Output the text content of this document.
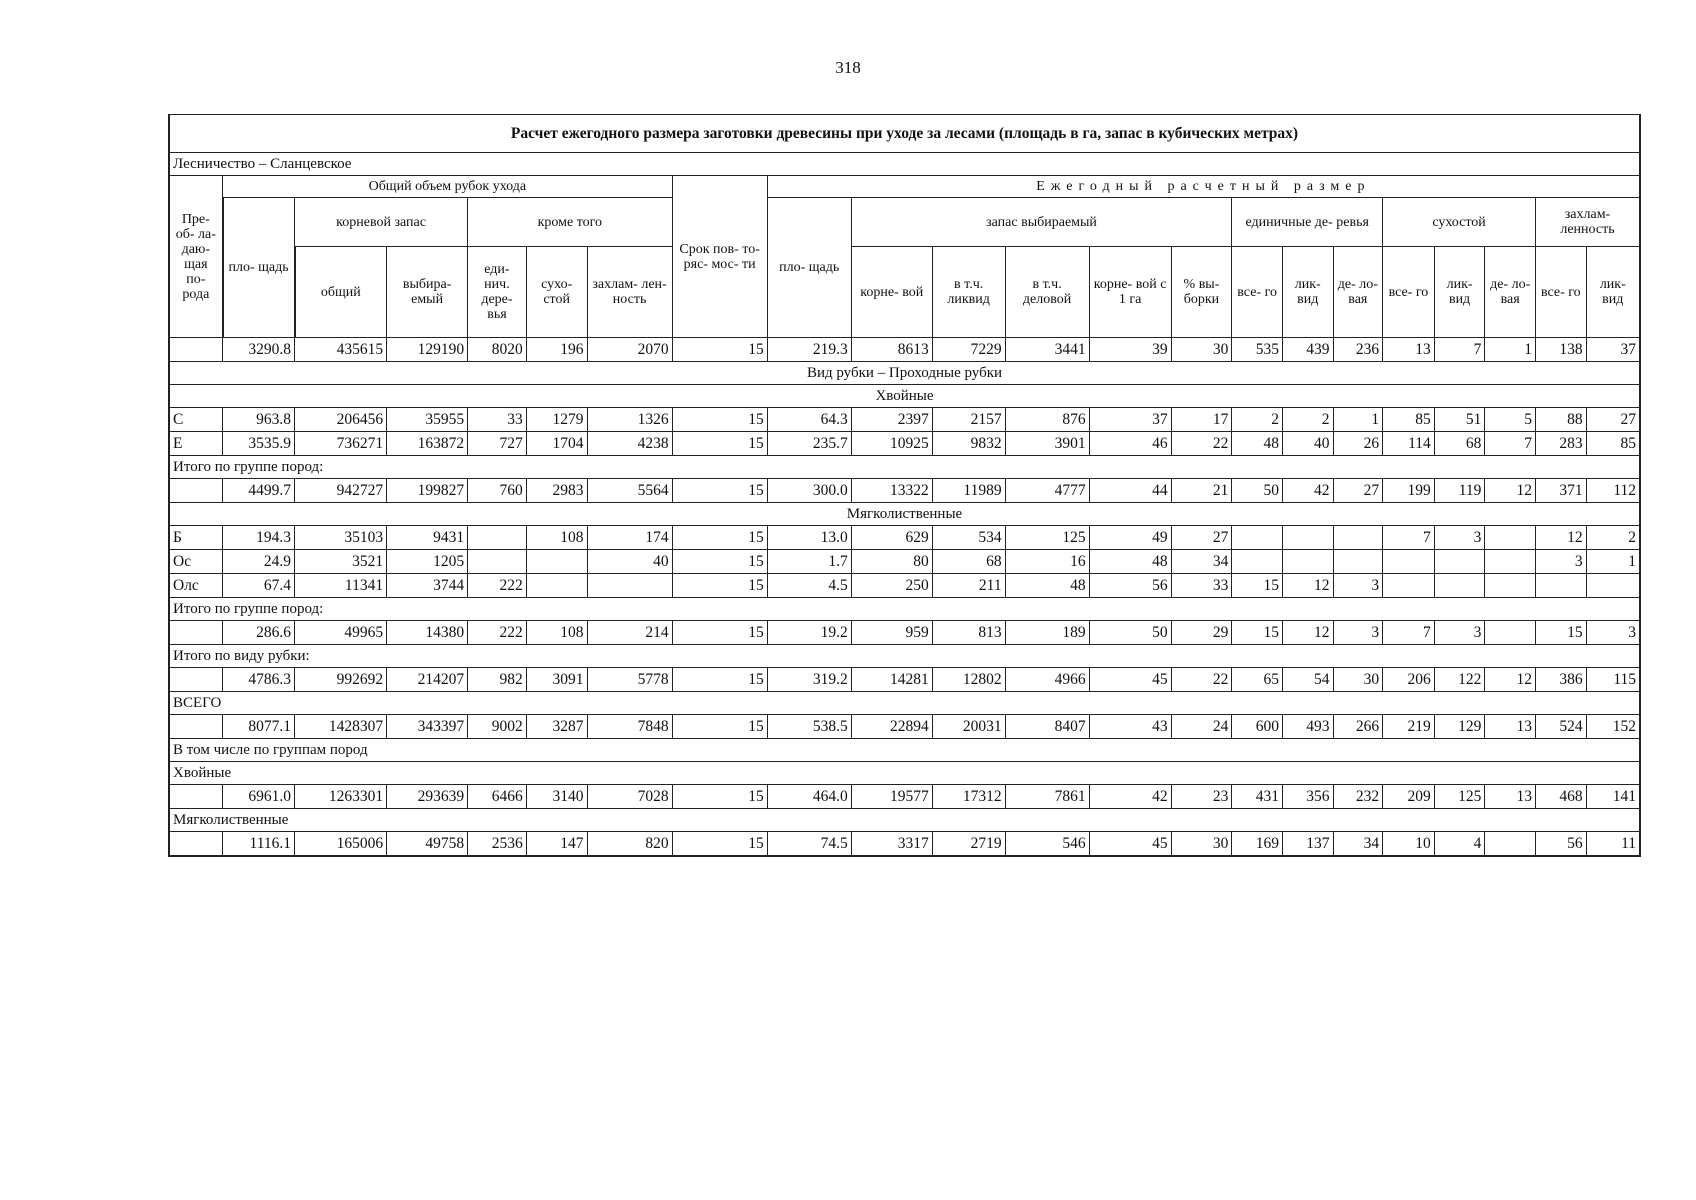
318
Расчет ежегодного размера заготовки древесины при уходе за лесами (площадь в га, запас в кубических метрах)																					
Лесничество – Сланцевское																					
Пре- об- ла- даю- щая по- рода	Общий объем рубок ухода						Срок пов- то- ряс- мос- ти	Ежегодный расчетный размер													
	пло- щадь	корневой запас		кроме того				пло- щадь	запас выбираемый					единичные де- ревья			сухостой			захлам- ленность	
		общий	выбира- емый	еди- нич. дере- вья	сухо- стой	захлам- лен- ность			корне- вой	в т.ч. ликвид	в т.ч. деловой	корне- вой с 1 га	% вы- борки	все- го	лик- вид	де- ло- вая	все- го	лик- вид	де- ло- вая	все- го	лик- вид
	3290.8	435615	129190	8020	196	2070	15	219.3	8613	7229	3441	39	30	535	439	236	13	7	1	138	37
Вид рубки – Проходные рубки																					
Хвойные																					
С	963.8	206456	35955	33	1279	1326	15	64.3	2397	2157	876	37	17	2	2	1	85	51	5	88	27
Е	3535.9	736271	163872	727	1704	4238	15	235.7	10925	9832	3901	46	22	48	40	26	114	68	7	283	85
Итого по группе пород:																					
	4499.7	942727	199827	760	2983	5564	15	300.0	13322	11989	4777	44	21	50	42	27	199	119	12	371	112
Мягколиственные																					
Б	194.3	35103	9431		108	174	15	13.0	629	534	125	49	27				7	3		12	2
Ос	24.9	3521	1205			40	15	1.7	80	68	16	48	34							3	1
Олс	67.4	11341	3744	222			15	4.5	250	211	48	56	33	15	12	3					
Итого по группе пород:																					
	286.6	49965	14380	222	108	214	15	19.2	959	813	189	50	29	15	12	3	7	3		15	3
Итого по виду рубки:																					
	4786.3	992692	214207	982	3091	5778	15	319.2	14281	12802	4966	45	22	65	54	30	206	122	12	386	115
ВСЕГО																					
	8077.1	1428307	343397	9002	3287	7848	15	538.5	22894	20031	8407	43	24	600	493	266	219	129	13	524	152
В том числе по группам пород																					
Хвойные																					
	6961.0	1263301	293639	6466	3140	7028	15	464.0	19577	17312	7861	42	23	431	356	232	209	125	13	468	141
Мягколиственные																					
	1116.1	165006	49758	2536	147	820	15	74.5	3317	2719	546	45	30	169	137	34	10	4		56	11
